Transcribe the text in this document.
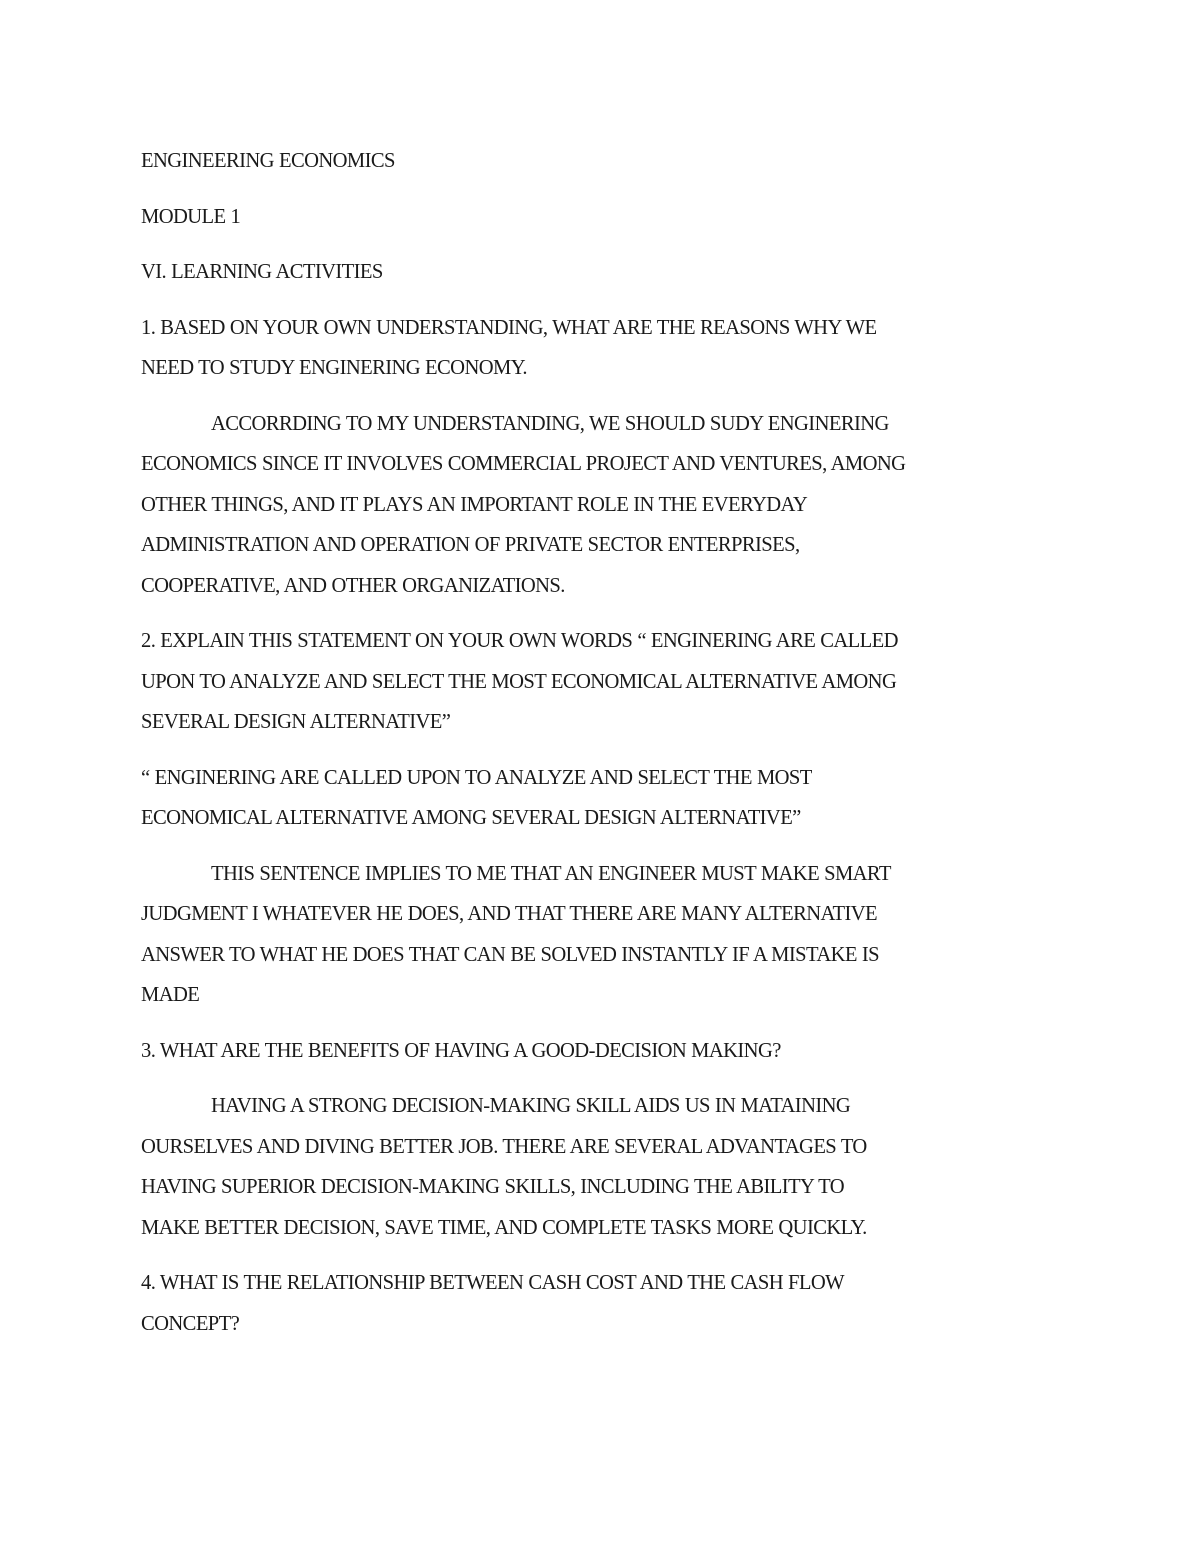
ENGINEERING ECONOMICS

MODULE 1

VI. LEARNING ACTIVITIES

1. BASED ON YOUR OWN UNDERSTANDING, WHAT ARE THE REASONS WHY WE
NEED TO STUDY ENGINERING ECONOMY.

ACCORRDING TO MY UNDERSTANDING, WE SHOULD SUDY ENGINERING
ECONOMICS SINCE IT INVOLVES COMMERCIAL PROJECT AND VENTURES, AMONG
OTHER THINGS, AND IT PLAYS AN IMPORTANT ROLE IN THE EVERYDAY
ADMINISTRATION AND OPERATION OF PRIVATE SECTOR ENTERPRISES,
COOPERATIVE, AND OTHER ORGANIZATIONS.

2. EXPLAIN THIS STATEMENT ON YOUR OWN WORDS “ ENGINERING ARE CALLED
UPON TO ANALYZE AND SELECT THE MOST ECONOMICAL ALTERNATIVE AMONG
SEVERAL DESIGN ALTERNATIVE”

“ ENGINERING ARE CALLED UPON TO ANALYZE AND SELECT THE MOST
ECONOMICAL ALTERNATIVE AMONG SEVERAL DESIGN ALTERNATIVE”

THIS SENTENCE IMPLIES TO ME THAT AN ENGINEER MUST MAKE SMART
JUDGMENT I WHATEVER HE DOES, AND THAT THERE ARE MANY ALTERNATIVE
ANSWER TO WHAT HE DOES THAT CAN BE SOLVED INSTANTLY IF A MISTAKE IS
MADE

3. WHAT ARE THE BENEFITS OF HAVING A GOOD-DECISION MAKING?

HAVING A STRONG DECISION-MAKING SKILL AIDS US IN MATAINING
OURSELVES AND DIVING BETTER JOB. THERE ARE SEVERAL ADVANTAGES TO
HAVING SUPERIOR DECISION-MAKING SKILLS, INCLUDING THE ABILITY TO
MAKE BETTER DECISION, SAVE TIME, AND COMPLETE TASKS MORE QUICKLY.

4. WHAT IS THE RELATIONSHIP BETWEEN CASH COST AND THE CASH FLOW
CONCEPT?
